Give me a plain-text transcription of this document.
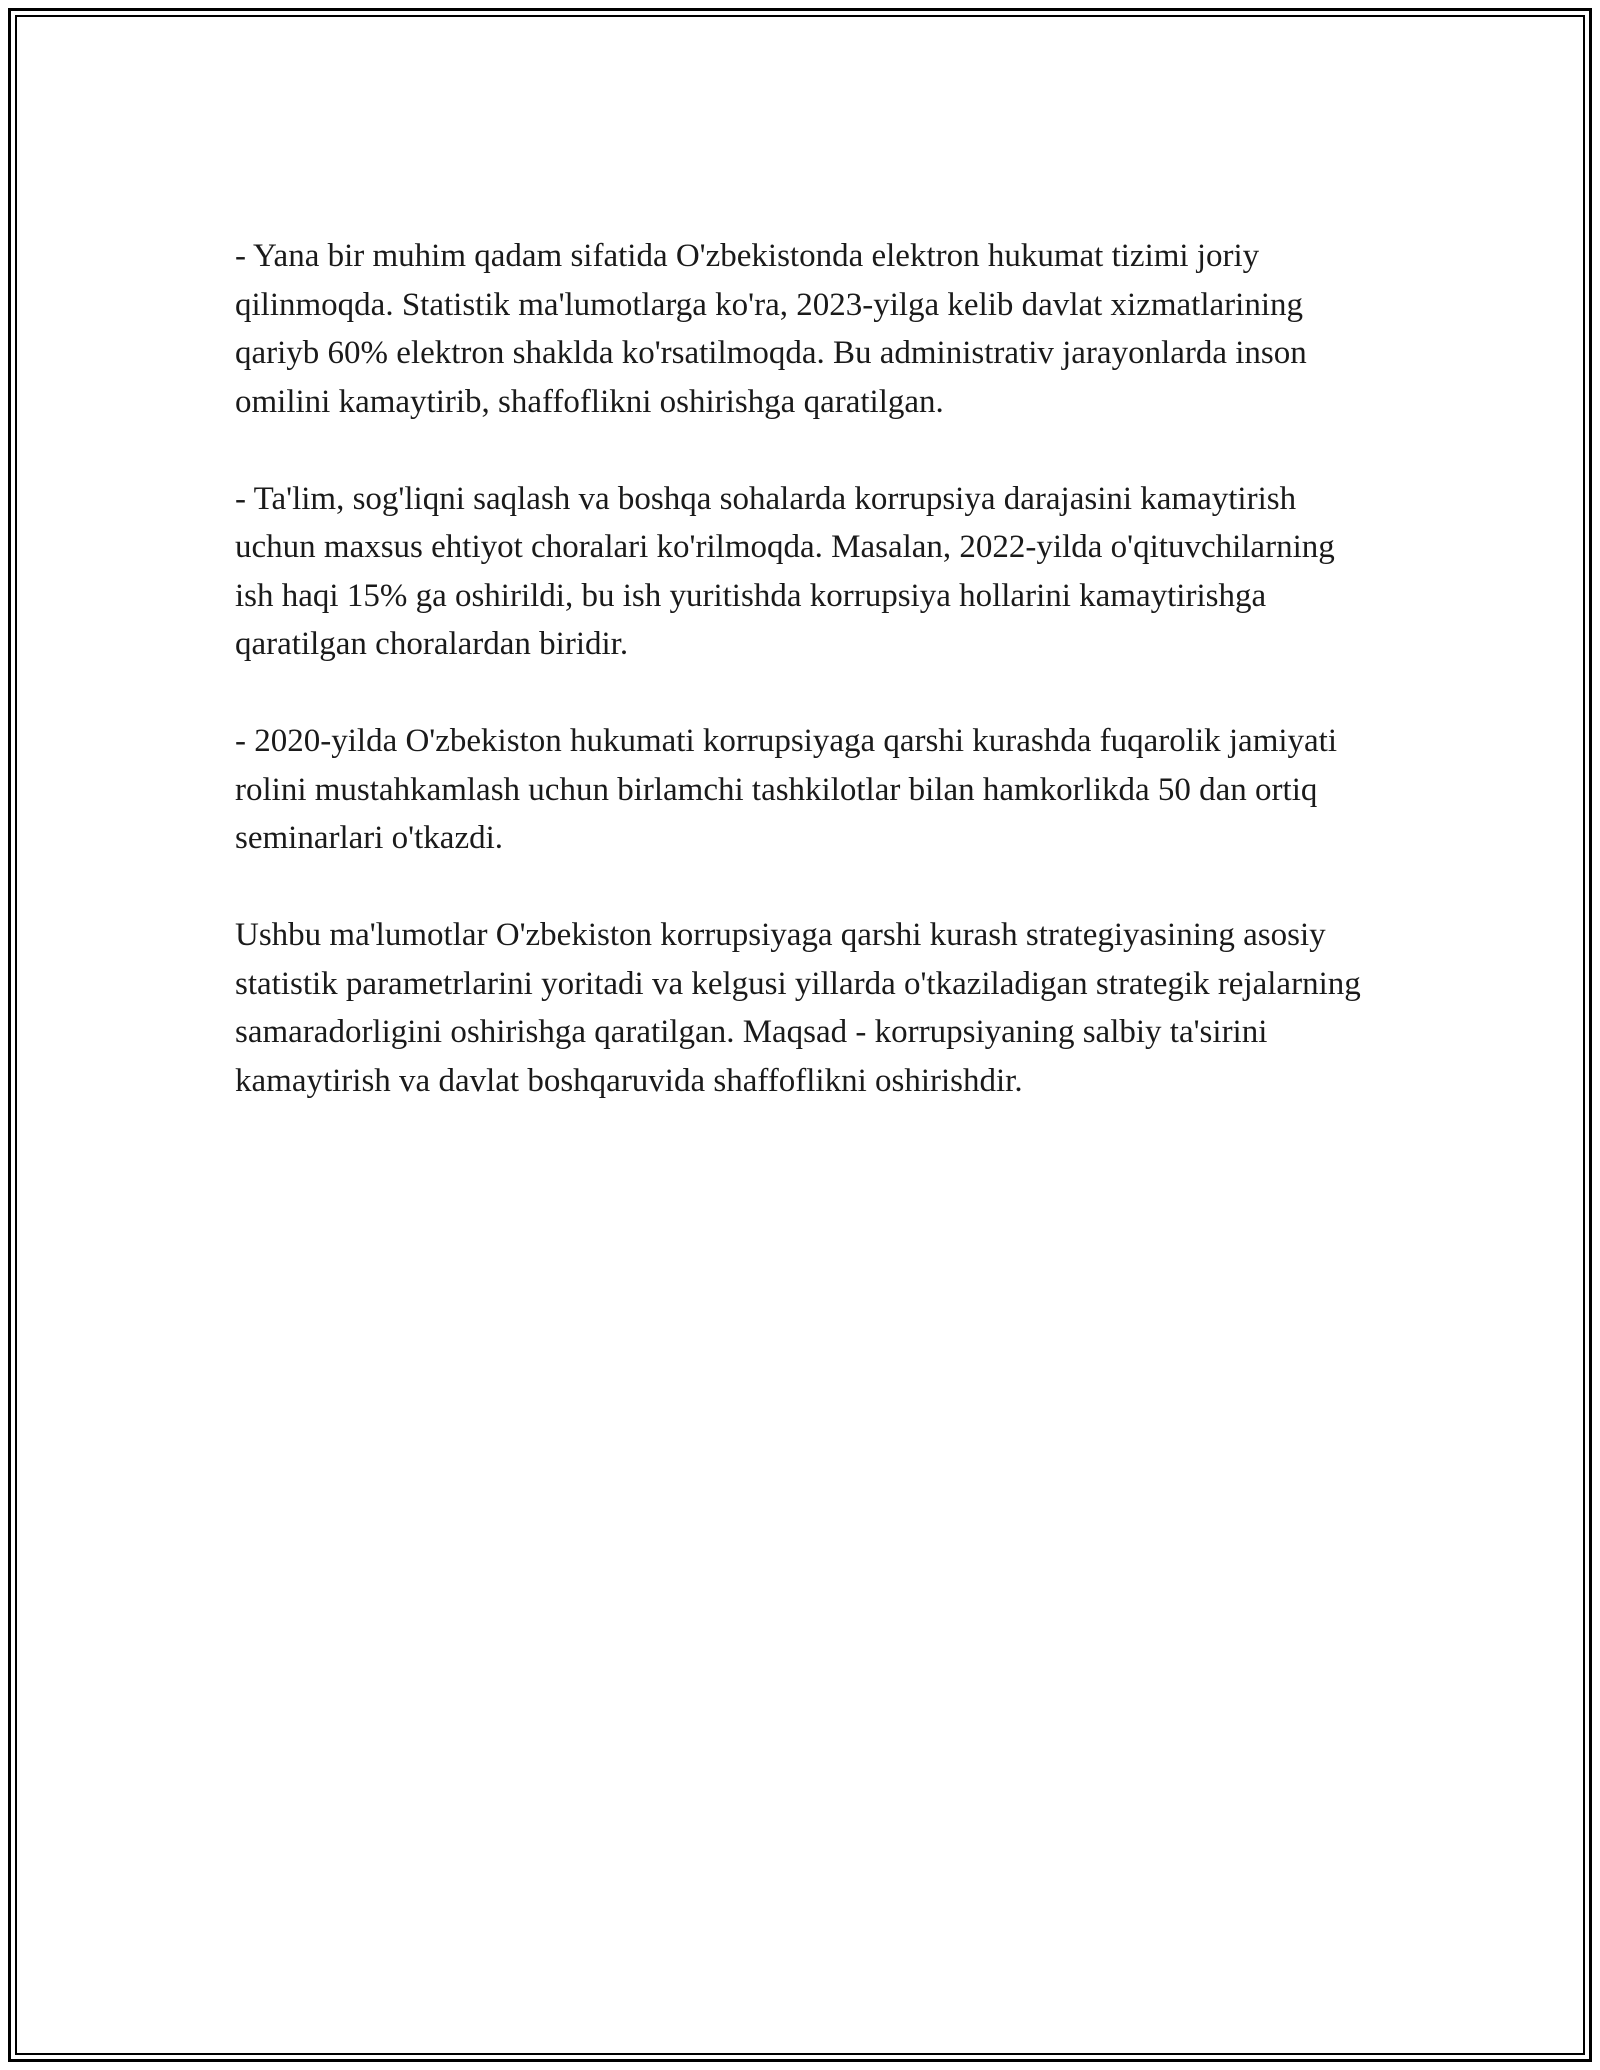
- Yana bir muhim qadam sifatida O'zbekistonda elektron hukumat tizimi joriy qilinmoqda. Statistik ma'lumotlarga ko'ra, 2023-yilga kelib davlat xizmatlarining qariyb 60% elektron shaklda ko'rsatilmoqda. Bu administrativ jarayonlarda inson omilini kamaytirib, shaffoflikni oshirishga qaratilgan.

- Ta'lim, sog'liqni saqlash va boshqa sohalarda korrupsiya darajasini kamaytirish uchun maxsus ehtiyot choralari ko'rilmoqda. Masalan, 2022-yilda o'qituvchilarning ish haqi 15% ga oshirildi, bu ish yuritishda korrupsiya hollarini kamaytirishga qaratilgan choralardan biridir.

- 2020-yilda O'zbekiston hukumati korrupsiyaga qarshi kurashda fuqarolik jamiyati rolini mustahkamlash uchun birlamchi tashkilotlar bilan hamkorlikda 50 dan ortiq seminarlari o'tkazdi.

Ushbu ma'lumotlar O'zbekiston korrupsiyaga qarshi kurash strategiyasining asosiy statistik parametrlarini yoritadi va kelgusi yillarda o'tkaziladigan strategik rejalarning samaradorligini oshirishga qaratilgan. Maqsad - korrupsiyaning salbiy ta'sirini kamaytirish va davlat boshqaruvida shaffoflikni oshirishdir.
